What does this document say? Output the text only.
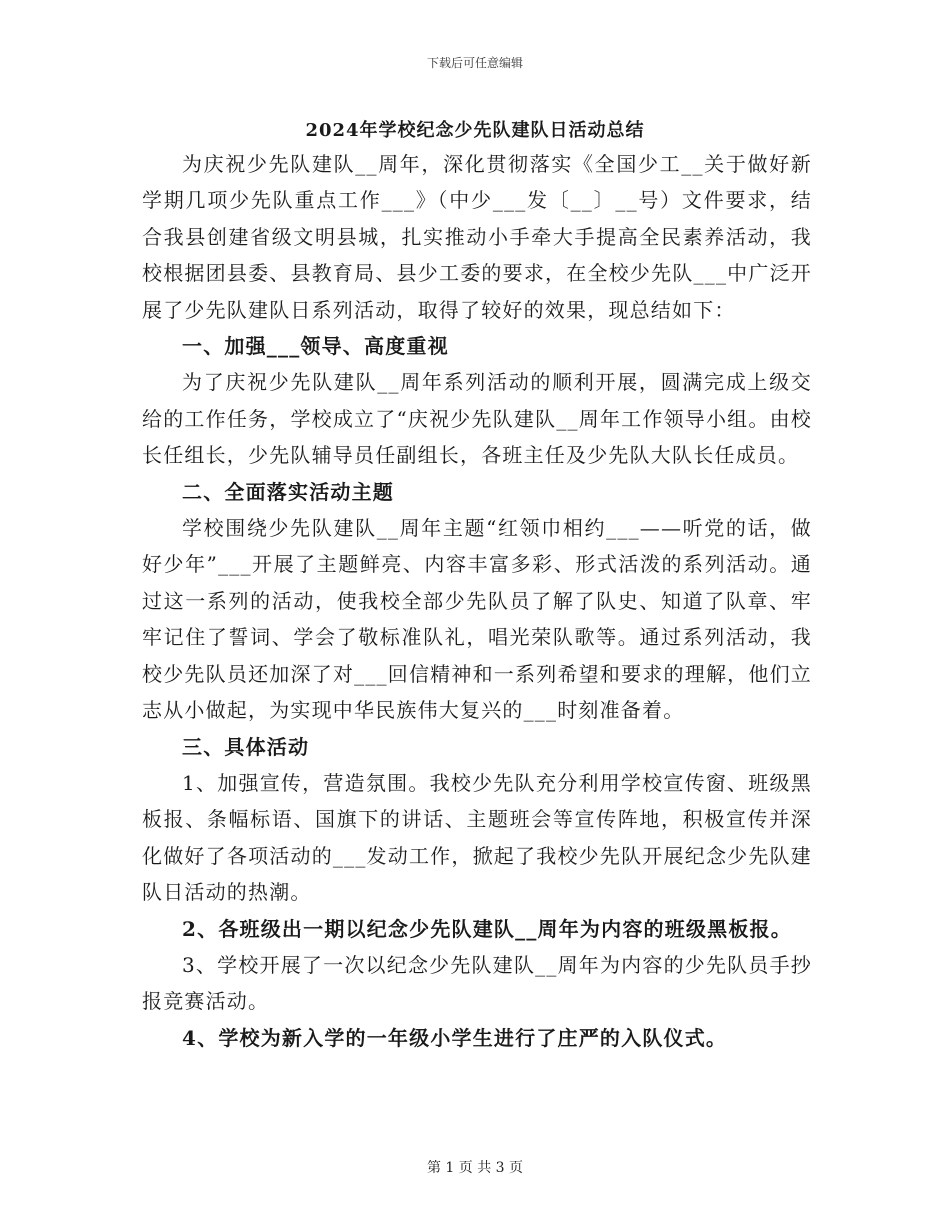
下载后可任意编辑
2024年学校纪念少先队建队日活动总结

为庆祝少先队建队__周年，深化贯彻落实《全国少工__关于做好新学期几项少先队重点工作___》（中少___发〔__〕__号）文件要求，结合我县创建省级文明县城，扎实推动小手牵大手提高全民素养活动，我校根据团县委、县教育局、县少工委的要求，在全校少先队___中广泛开展了少先队建队日系列活动，取得了较好的效果，现总结如下：

一、加强___领导、高度重视

为了庆祝少先队建队__周年系列活动的顺利开展，圆满完成上级交给的工作任务，学校成立了“庆祝少先队建队__周年工作领导小组。由校长任组长，少先队辅导员任副组长，各班主任及少先队大队长任成员。

二、全面落实活动主题

学校围绕少先队建队__周年主题“红领巾相约___——听党的话，做好少年”___开展了主题鲜亮、内容丰富多彩、形式活泼的系列活动。通过这一系列的活动，使我校全部少先队员了解了队史、知道了队章、牢牢记住了誓词、学会了敬标准队礼，唱光荣队歌等。通过系列活动，我校少先队员还加深了对___回信精神和一系列希望和要求的理解，他们立志从小做起，为实现中华民族伟大复兴的___时刻准备着。

三、具体活动

1、加强宣传，营造氛围。我校少先队充分利用学校宣传窗、班级黑板报、条幅标语、国旗下的讲话、主题班会等宣传阵地，积极宣传并深化做好了各项活动的___发动工作，掀起了我校少先队开展纪念少先队建队日活动的热潮。

2、各班级出一期以纪念少先队建队__周年为内容的班级黑板报。

3、学校开展了一次以纪念少先队建队__周年为内容的少先队员手抄报竞赛活动。

4、学校为新入学的一年级小学生进行了庄严的入队仪式。

第 1 页 共 3 页
